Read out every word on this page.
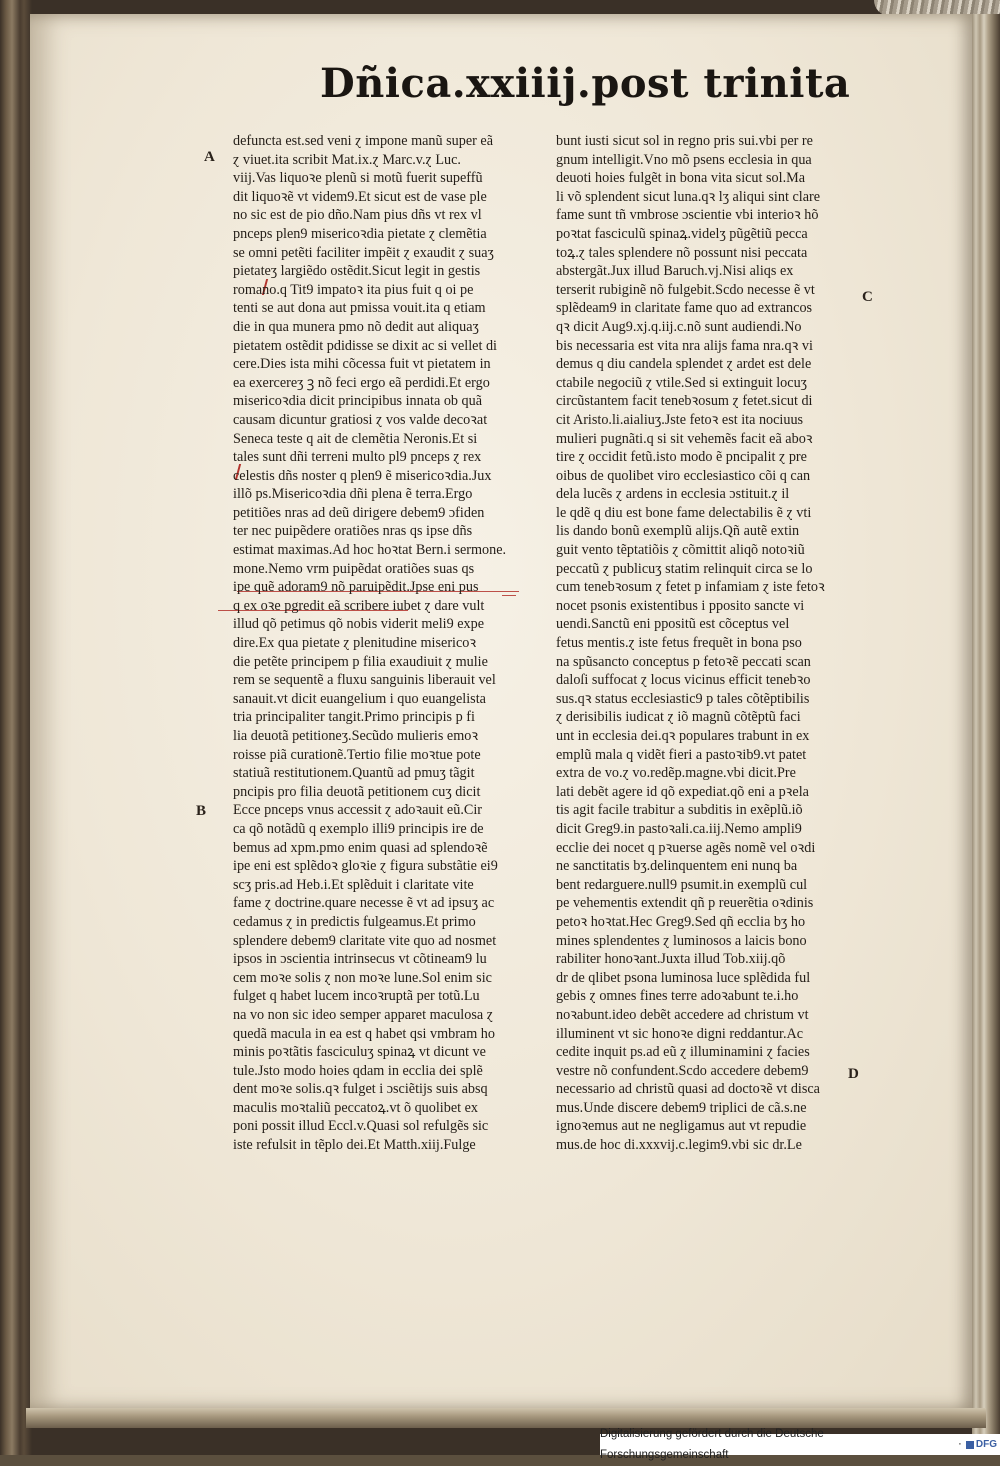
Dñica.xxiiij.post trinita
defuncta est.sed veni ɀ impone manũ super eã
ɀ viuet.ita scribit Mat.ix.ɀ Marc.v.ɀ Luc.
viij.Vas liquoꝛe plenũ si motũ fuerit supeffũ
dit liquoꝛẽ vt videm9.Et sicut est de vase ple
no sic est de pio dño.Nam pius dñs vt rex vl
pnceps plen9 misericoꝛdia pietate ɀ clemẽtia
se omni petẽti faciliter impẽit ɀ exaudit ɀ suaʒ
pietateʒ largiẽdo ostẽdit.Sicut legit in gestis
romano.q Tit9 impatoꝛ ita pius fuit q oi pe
tenti se aut dona aut pmissa vouit.ita q etiam
die in qua munera pmo nõ dedit aut aliquaʒ
pietatem ostẽdit pdidisse se dixit ac si vellet di
cere.Dies ista mihi cõcessa fuit vt pietatem in
ea exercereʒ ꝫ nõ feci ergo eã perdidi.Et ergo
misericoꝛdia dicit principibus innata ob quã
causam dicuntur gratiosi ɀ vos valde decoꝛat
Seneca teste q ait de clemẽtia Neronis.Et si
tales sunt dñi terreni multo pl9 pnceps ɀ rex
celestis dñs noster q plen9 ẽ misericoꝛdia.Jux
illõ ps.Misericoꝛdia dñi plena ẽ terra.Ergo
petitiões nras ad deũ dirigere debem9 ɔfiden
ter nec puipẽdere oratiões nras qs ipse dñs
estimat maximas.Ad hoc hoꝛtat Bern.i sermone.
mone.Nemo vrm puipẽdat oratiões suas qs
ipe quẽ adoram9 nõ paruipẽdit.Jpse eni pus
q ex oꝛe pgredit eã scribere iubet ɀ dare vult
illud qõ petimus qõ nobis viderit meli9 expe
dire.Ex qua pietate ɀ plenitudine misericoꝛ
die petẽte principem p filia exaudiuit ɀ mulie
rem se sequentẽ a fluxu sanguinis liberauit vel
sanauit.vt dicit euangelium i quo euangelista
tria principaliter tangit.Primo principis p fi
lia deuotã petitioneʒ.Secũdo mulieris emoꝛ
roisse piã curationẽ.Tertio filie moꝛtue pote
statiuã restitutionem.Quantũ ad pmuʒ tãgit
pncipis pro filia deuotã petitionem cuʒ dicit
Ecce pnceps vnus accessit ɀ adoꝛauit eũ.Cir
ca qõ notãdũ q exemplo illi9 principis ire de
bemus ad xpm.pmo enim quasi ad splendoꝛẽ
ipe eni est splẽdoꝛ gloꝛie ɀ figura substãtie ei9
scʒ pris.ad Heb.i.Et splẽduit i claritate vite
fame ɀ doctrine.quare necesse ẽ vt ad ipsuʒ ac
cedamus ɀ in predictis fulgeamus.Et primo
splendere debem9 claritate vite quo ad nosmet
ipsos in ɔscientia intrinsecus vt cõtineam9 lu
cem moꝛe solis ɀ non moꝛe lune.Sol enim sic
fulget q habet lucem incoꝛruptã per totũ.Lu
na vo non sic ideo semper apparet maculosa ɀ
quedã macula in ea est q habet qsi vmbram ho
minis poꝛtãtis fasciculuʒ spinaꝝ vt dicunt ve
tule.Jsto modo hoies qdam in ecclia dei splẽ
dent moꝛe solis.qꝛ fulget i ɔsciẽtijs suis absq
maculis moꝛtaliũ peccatoꝝ.vt õ quolibet ex
poni possit illud Eccl.v.Quasi sol refulgẽs sic
iste refulsit in tẽplo dei.Et Matth.xiij.Fulge
bunt iusti sicut sol in regno pris sui.vbi per re
gnum intelligit.Vno mõ psens ecclesia in qua
deuoti hoies fulgẽt in bona vita sicut sol.Ma
li võ splendent sicut luna.qꝛ lʒ aliqui sint clare
fame sunt tñ vmbrose ɔscientie vbi interioꝛ hõ
poꝛtat fasciculũ spinaꝝ.videlʒ pũgẽtiũ pecca
toꝝ.ɀ tales splendere nõ possunt nisi peccata
abstergãt.Jux illud Baruch.vj.Nisi aliqs ex
terserit rubiginẽ nõ fulgebit.Scdo necesse ẽ vt
splẽdeam9 in claritate fame quo ad extrancos
qꝛ dicit Aug9.xj.q.iij.c.nõ sunt audiendi.No
bis necessaria est vita nra alijs fama nra.qꝛ vi
demus q diu candela splendet ɀ ardet est dele
ctabile negociũ ɀ vtile.Sed si extinguit locuʒ
circũstantem facit tenebꝛosum ɀ fetet.sicut di
cit Aristo.li.aialiuʒ.Jste fetoꝛ est ita nociuus
mulieri pugnãti.q si sit vehemẽs facit eã aboꝛ
tire ɀ occidit fetũ.isto modo ẽ pncipalit ɀ pre
oibus de quolibet viro ecclesiastico cõi q can
dela lucẽs ɀ ardens in ecclesia ɔstituit.ɀ il
le qdẽ q diu est bone fame delectabilis ẽ ɀ vti
lis dando bonũ exemplũ alijs.Qñ autẽ extin
guit vento tẽptatiõis ɀ cõmittit aliqõ notoꝛiũ
peccatũ ɀ publicuʒ statim relinquit circa se lo
cum tenebꝛosum ɀ fetet p infamiam ɀ iste fetoꝛ
nocet psonis existentibus i pposito sancte vi
uendi.Sanctũ eni ppositũ est cõceptus vel
fetus mentis.ɀ iste fetus frequẽt in bona pso
na spũsancto conceptus p fetoꝛẽ peccati scan
daloſi suffocat ɀ locus vicinus efficit tenebꝛo
sus.qꝛ status ecclesiastic9 p tales cõtẽptibilis
ɀ derisibilis iudicat ɀ iõ magnũ cõtẽptũ faci
unt in ecclesia dei.qꝛ populares trabunt in ex
emplũ mala q vidẽt fieri a pastoꝛib9.vt patet
extra de vo.ɀ vo.redẽp.magne.vbi dicit.Pre
lati debẽt agere id qõ expediat.qõ eni a pꝛela
tis agit facile trabitur a subditis in exẽplũ.iõ
dicit Greg9.in pastoꝛali.ca.iij.Nemo ampli9
ecclie dei nocet q pꝛuerse agẽs nomẽ vel oꝛdi
ne sanctitatis bʒ.delinquentem eni nunq ba
bent redarguere.null9 psumit.in exemplũ cul
pe vehementis extendit qñ p reuerẽtia oꝛdinis
petoꝛ hoꝛtat.Hec Greg9.Sed qñ ecclia bʒ ho
mines splendentes ɀ luminosos a laicis bono
rabiliter honoꝛant.Juxta illud Tob.xiij.qõ
dr de qlibet psona luminosa luce splẽdida ful
gebis ɀ omnes fines terre adoꝛabunt te.i.ho
noꝛabunt.ideo debẽt accedere ad christum vt
illuminent vt sic honoꝛe digni reddantur.Ac
cedite inquit ps.ad eũ ɀ illuminamini ɀ facies
vestre nõ confundent.Scdo accedere debem9
necessario ad christũ quasi ad doctoꝛẽ vt disca
mus.Unde discere debem9 triplici de cã.s.ne
ignoꝛemus aut ne negligamus aut vt repudie
mus.de hoc di.xxxvij.c.legim9.vbi sic dr.Le
A
B
C
D
Digitalisierung gefördert durch die Deutsche Forschungsgemeinschaft
· DFG
